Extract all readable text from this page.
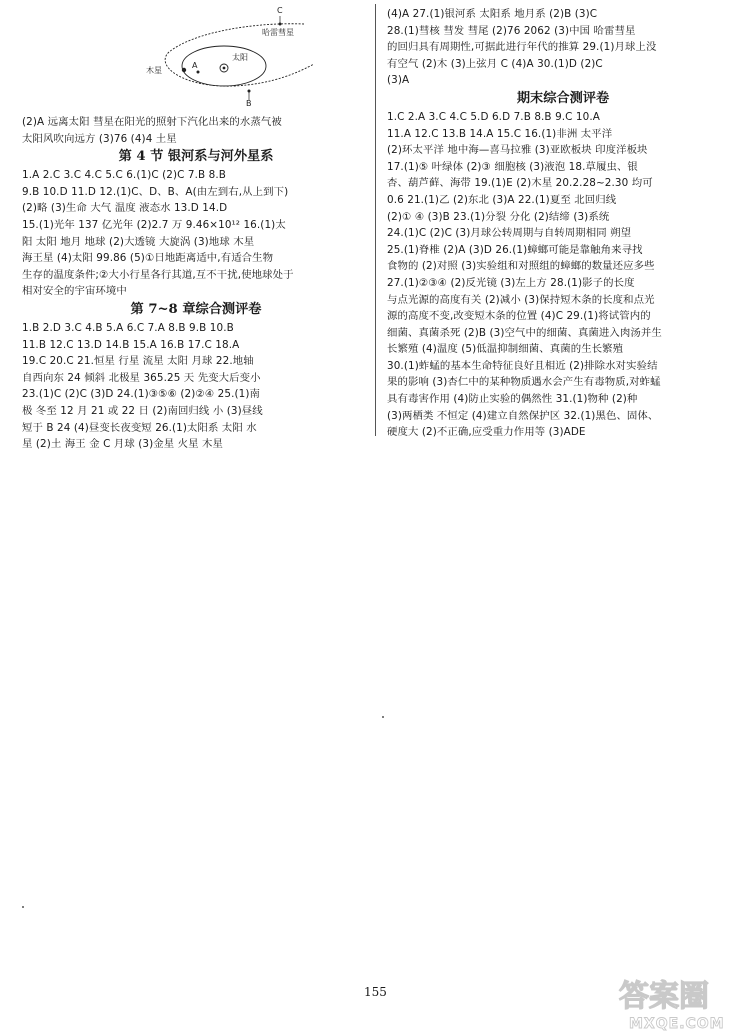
C
哈雷彗星
太阳
木星
A
B
(2)A 远离太阳 彗星在阳光的照射下汽化出来的水蒸气被
太阳风吹向远方 (3)76 (4)4 土星
第 4 节 银河系与河外星系
1.A 2.C 3.C 4.C 5.C 6.(1)C (2)C 7.B 8.B
9.B 10.D 11.D 12.(1)C、D、B、A(由左到右,从上到下)
(2)略 (3)生命 大气 温度 液态水 13.D 14.D
15.(1)光年 137 亿光年 (2)2.7 万 9.46×10¹² 16.(1)太
阳 太阳 地月 地球 (2)大透镜 大旋涡 (3)地球 木星
海王星 (4)太阳 99.86 (5)①日地距离适中,有适合生物
生存的温度条件;②大小行星各行其道,互不干扰,使地球处于
相对安全的宇宙环境中
第 7~8 章综合测评卷
1.B 2.D 3.C 4.B 5.A 6.C 7.A 8.B 9.B 10.B
11.B 12.C 13.D 14.B 15.A 16.B 17.C 18.A
19.C 20.C 21.恒星 行星 流星 太阳 月球 22.地轴
自西向东 24 倾斜 北极星 365.25 天 先变大后变小
23.(1)C (2)C (3)D 24.(1)③⑤⑥ (2)②④ 25.(1)南
极 冬至 12 月 21 或 22 日 (2)南回归线 小 (3)昼线
短于 B 24 (4)昼变长夜变短 26.(1)太阳系 太阳 水
星 (2)土 海王 金 C 月球 (3)金星 火星 木星
(4)A 27.(1)银河系 太阳系 地月系 (2)B (3)C
28.(1)彗核 彗发 彗尾 (2)76 2062 (3)中国 哈雷彗星
的回归具有周期性,可据此进行年代的推算 29.(1)月球上没
有空气 (2)木 (3)上弦月 C (4)A 30.(1)D (2)C
(3)A
期末综合测评卷
1.C 2.A 3.C 4.C 5.D 6.D 7.B 8.B 9.C 10.A
11.A 12.C 13.B 14.A 15.C 16.(1)非洲 太平洋
(2)环太平洋 地中海—喜马拉雅 (3)亚欧板块 印度洋板块
17.(1)⑤ 叶绿体 (2)③ 细胞核 (3)液泡 18.草履虫、银
杏、葫芦藓、海带 19.(1)E (2)木星 20.2.28~2.30 均可
0.6 21.(1)乙 (2)东北 (3)A 22.(1)夏至 北回归线
(2)① ④ (3)B 23.(1)分裂 分化 (2)结缔 (3)系统
24.(1)C (2)C (3)月球公转周期与自转周期相同 朔望
25.(1)脊椎 (2)A (3)D 26.(1)蟑螂可能是靠触角来寻找
食物的 (2)对照 (3)实验组和对照组的蟑螂的数量还应多些
27.(1)②③④ (2)反光镜 (3)左上方 28.(1)影子的长度
与点光源的高度有关 (2)减小 (3)保持短木条的长度和点光
源的高度不变,改变短木条的位置 (4)C 29.(1)将试管内的
细菌、真菌杀死 (2)B (3)空气中的细菌、真菌进入肉汤并生
长繁殖 (4)温度 (5)低温抑制细菌、真菌的生长繁殖
30.(1)蚱蜢的基本生命特征良好且相近 (2)排除水对实验结
果的影响 (3)杏仁中的某种物质遇水会产生有毒物质,对蚱蜢
具有毒害作用 (4)防止实验的偶然性 31.(1)物种 (2)种
(3)两栖类 不恒定 (4)建立自然保护区 32.(1)黑色、固体、
硬度大 (2)不正确,应受重力作用等 (3)ADE
155	答案圈
MXQE.COM
